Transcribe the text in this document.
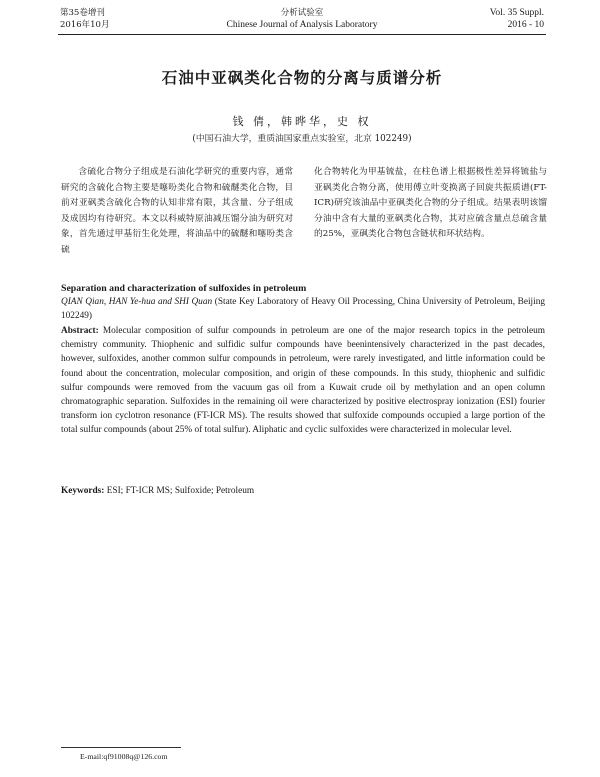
第35卷增刊
2016年10月
分析试验室
Chinese Journal of Analysis Laboratory
Vol. 35 Suppl.
2016 - 10
石油中亚砜类化合物的分离与质谱分析
钱 倩，韩晔华，史 权
(中国石油大学，重质油国家重点实验室，北京 102249)
含硫化合物分子组成是石油化学研究的重要内容，通常研究的含硫化合物主要是噻吩类化合物和硫醚类化合物，目前对亚砜类含硫化合物的认知非常有限，其含量、分子组成及成因均有待研究。本文以科威特原油减压馏分油为研究对象，首先通过甲基衍生化处理，将油品中的硫醚和噻吩类含硫
化合物转化为甲基锍盐，在柱色谱上根据极性差异将锍盐与亚砜类化合物分离，使用傅立叶变换离子回旋共振质谱(FT-ICR)研究该油品中亚砜类化合物的分子组成。结果表明该馏分油中含有大量的亚砜类化合物，其对应硫含量点总硫含量的25%，亚砜类化合物包含链状和环状结构。
Separation and characterization of sulfoxides in petroleum
QIAN Qian, HAN Ye-hua and SHI Quan (State Key Laboratory of Heavy Oil Processing, China University of Petroleum, Beijing 102249)
Abstract: Molecular composition of sulfur compounds in petroleum are one of the major research topics in the petroleum chemistry community. Thiophenic and sulfidic sulfur compounds have beenintensively characterized in the past decades, however, sulfoxides, another common sulfur compounds in petroleum, were rarely investigated, and little information could be found about the concentration, molecular composition, and origin of these compounds. In this study, thiophenic and sulfidic sulfur compounds were removed from the vacuum gas oil from a Kuwait crude oil by methylation and an open column chromatographic separation. Sulfoxides in the remaining oil were characterized by positive electrospray ionization (ESI) fourier transform ion cyclotron resonance (FT-ICR MS). The results showed that sulfoxide compounds occupied a large portion of the total sulfur compounds (about 25% of total sulfur). Aliphatic and cyclic sulfoxides were characterized in molecular level.
Keywords: ESI; FT-ICR MS; Sulfoxide; Petroleum
E-mail:qf91008q@126.com
